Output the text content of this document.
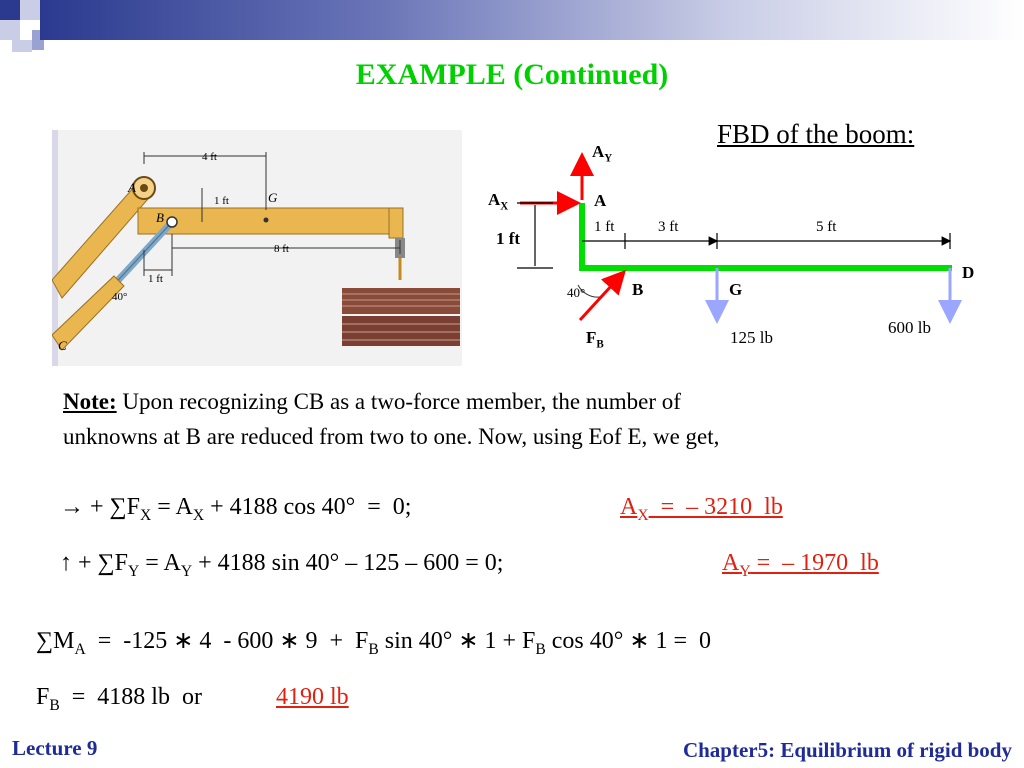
EXAMPLE (Continued)
4 ft
1 ft
8 ft
1 ft
40°
A
B
G
C
FBD of the boom:
$A_Y$
$A_X$	A
1 ft
1 ft	3 ft	5 ft
D
B	G
40°
$F_B$	125 lb
600 lb
Note: Upon recognizing CB as a two-force member, the number of
unknowns at B are reduced from two to one. Now, using Eof E, we get,
→ + $\sum F_X = A_X + 4188$ cos 40°  =  0;	$A_X$  =  – 3210  lb
↑ + $\sum F_Y = A_Y + 4188$ sin 40° – 125 – 600 = 0;	$A_Y$ =  – 1970  lb
$\sum M_A = -125$ ∗ 4  - 600 ∗ $9 + F_B$ sin 40° ∗ $1 + F_B$ cos 40° ∗ 1 =  0
$F_B = 4188$ lb  or	4190 lb
Lecture 9	Chapter5: Equilibrium of rigid body
